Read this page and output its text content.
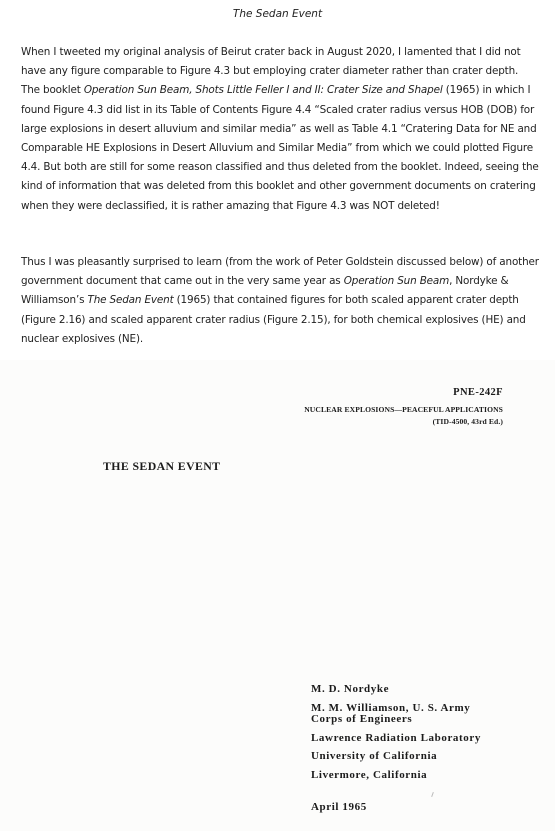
The Sedan Event
When I tweeted my original analysis of Beirut crater back in August 2020, I lamented that I did not have any figure comparable to Figure 4.3 but employing crater diameter rather than crater depth. The booklet Operation Sun Beam, Shots Little Feller I and II: Crater Size and Shapel (1965) in which I found Figure 4.3 did list in its Table of Contents Figure 4.4 “Scaled crater radius versus HOB (DOB) for large explosions in desert alluvium and similar media” as well as Table 4.1 “Cratering Data for NE and Comparable HE Explosions in Desert Alluvium and Similar Media” from which we could plotted Figure 4.4. But both are still for some reason classified and thus deleted from the booklet. Indeed, seeing the kind of information that was deleted from this booklet and other government documents on cratering when they were declassified, it is rather amazing that Figure 4.3 was NOT deleted!
Thus I was pleasantly surprised to learn (from the work of Peter Goldstein discussed below) of another government document that came out in the very same year as Operation Sun Beam, Nordyke & Williamson’s The Sedan Event (1965) that contained figures for both scaled apparent crater depth (Figure 2.16) and scaled apparent crater radius (Figure 2.15), for both chemical explosives (HE) and nuclear explosives (NE).
PNE-242F
NUCLEAR EXPLOSIONS—PEACEFUL APPLICATIONS
(TID-4500, 43rd Ed.)
THE SEDAN EVENT
M. D. Nordyke
M. M. Williamson, U. S. Army
Corps of Engineers
Lawrence Radiation Laboratory
University of California
Livermore, California
April 1965
